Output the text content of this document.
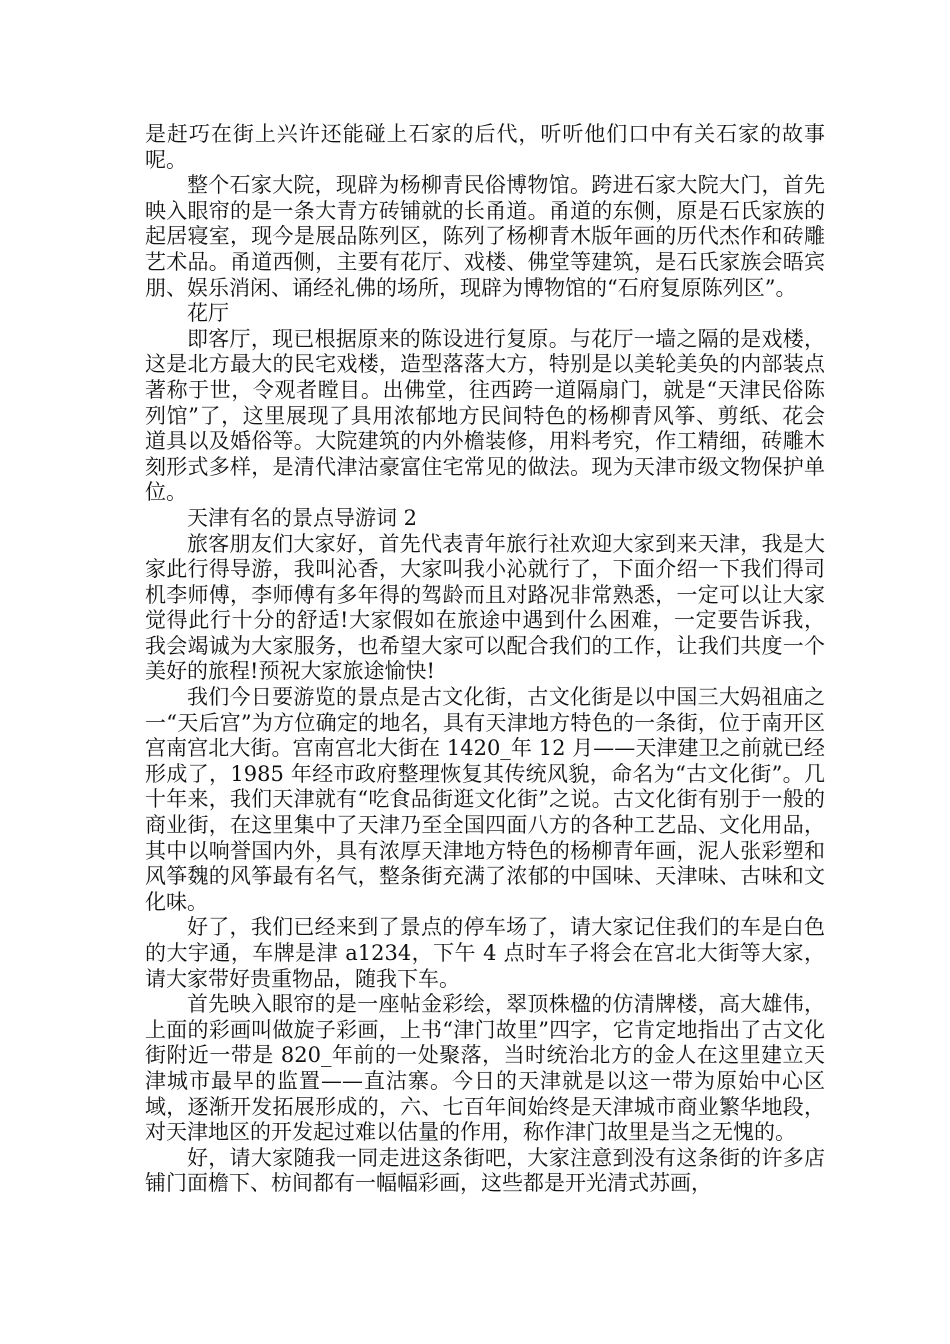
是赶巧在街上兴许还能碰上石家的后代，听听他们口中有关石家的故事呢。

整个石家大院，现辟为杨柳青民俗博物馆。跨进石家大院大门，首先映入眼帘的是一条大青方砖铺就的长甬道。甬道的东侧，原是石氏家族的起居寝室，现今是展品陈列区，陈列了杨柳青木版年画的历代杰作和砖雕艺术品。甬道西侧，主要有花厅、戏楼、佛堂等建筑，是石氏家族会晤宾朋、娱乐消闲、诵经礼佛的场所，现辟为博物馆的“石府复原陈列区”。

花厅

即客厅，现已根据原来的陈设进行复原。与花厅一墙之隔的是戏楼，这是北方最大的民宅戏楼，造型落落大方，特别是以美轮美奂的内部装点著称于世，令观者瞠目。出佛堂，往西跨一道隔扇门，就是“天津民俗陈列馆”了，这里展现了具用浓郁地方民间特色的杨柳青风筝、剪纸、花会道具以及婚俗等。大院建筑的内外檐装修，用料考究，作工精细，砖雕木刻形式多样，是清代津沽豪富住宅常见的做法。现为天津市级文物保护单位。

天津有名的景点导游词 2

旅客朋友们大家好，首先代表青年旅行社欢迎大家到来天津，我是大家此行得导游，我叫沁香，大家叫我小沁就行了，下面介绍一下我们得司机李师傅，李师傅有多年得的驾龄而且对路况非常熟悉，一定可以让大家觉得此行十分的舒适!大家假如在旅途中遇到什么困难，一定要告诉我，我会竭诚为大家服务，也希望大家可以配合我们的工作，让我们共度一个美好的旅程!预祝大家旅途愉快!

我们今日要游览的景点是古文化街，古文化街是以中国三大妈祖庙之一“天后宫”为方位确定的地名，具有天津地方特色的一条街，位于南开区宫南宫北大街。宫南宫北大街在 1420_年 12 月——天津建卫之前就已经形成了，1985 年经市政府整理恢复其传统风貌，命名为“古文化街”。几十年来，我们天津就有“吃食品街逛文化街”之说。古文化街有别于一般的商业街，在这里集中了天津乃至全国四面八方的各种工艺品、文化用品，其中以响誉国内外，具有浓厚天津地方特色的杨柳青年画，泥人张彩塑和风筝魏的风筝最有名气，整条街充满了浓郁的中国味、天津味、古味和文化味。

好了，我们已经来到了景点的停车场了，请大家记住我们的车是白色的大宇通，车牌是津 a1234，下午 4 点时车子将会在宫北大街等大家，请大家带好贵重物品，随我下车。

首先映入眼帘的是一座帖金彩绘，翠顶株楹的仿清牌楼，高大雄伟，上面的彩画叫做旋子彩画，上书“津门故里”四字，它肯定地指出了古文化街附近一带是 820_年前的一处聚落，当时统治北方的金人在这里建立天津城市最早的监置——直沽寨。今日的天津就是以这一带为原始中心区域，逐渐开发拓展形成的，六、七百年间始终是天津城市商业繁华地段，对天津地区的开发起过难以估量的作用，称作津门故里是当之无愧的。

好，请大家随我一同走进这条街吧，大家注意到没有这条街的许多店铺门面檐下、枋间都有一幅幅彩画，这些都是开光清式苏画，
